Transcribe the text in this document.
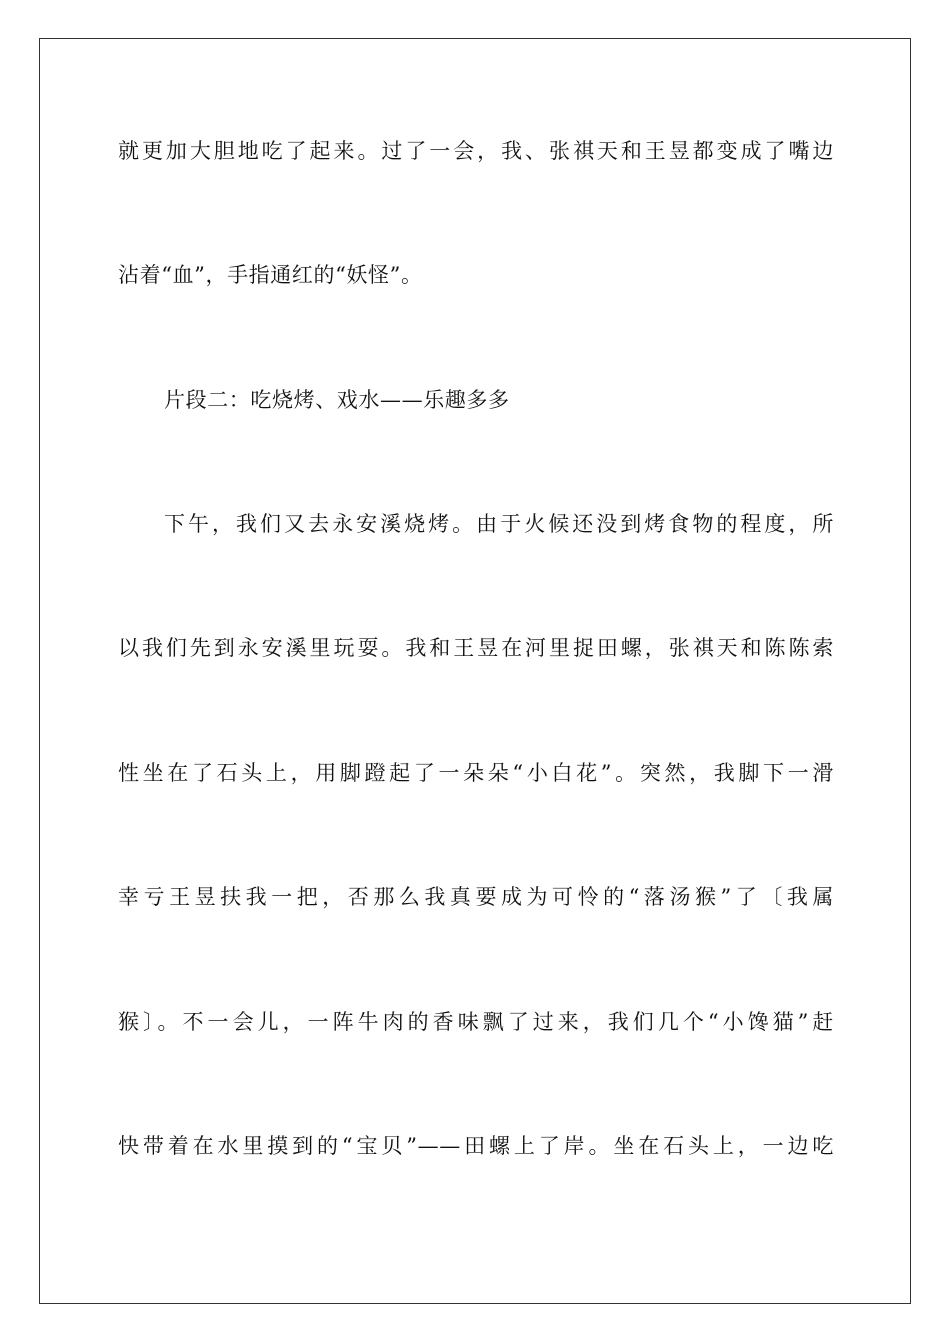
就更加大胆地吃了起来。过了一会，我、张祺天和王昱都变成了嘴边
沾着“血”，手指通红的“妖怪”。
片段二：吃烧烤、戏水——乐趣多多
下午，我们又去永安溪烧烤。由于火候还没到烤食物的程度，所
以我们先到永安溪里玩耍。我和王昱在河里捉田螺，张祺天和陈陈索
性坐在了石头上，用脚蹬起了一朵朵“小白花”。突然，我脚下一滑
幸亏王昱扶我一把，否那么我真要成为可怜的“落汤猴”了〔我属
猴〕。不一会儿，一阵牛肉的香味飘了过来，我们几个“小馋猫”赶
快带着在水里摸到的“宝贝”——田螺上了岸。坐在石头上，一边吃
